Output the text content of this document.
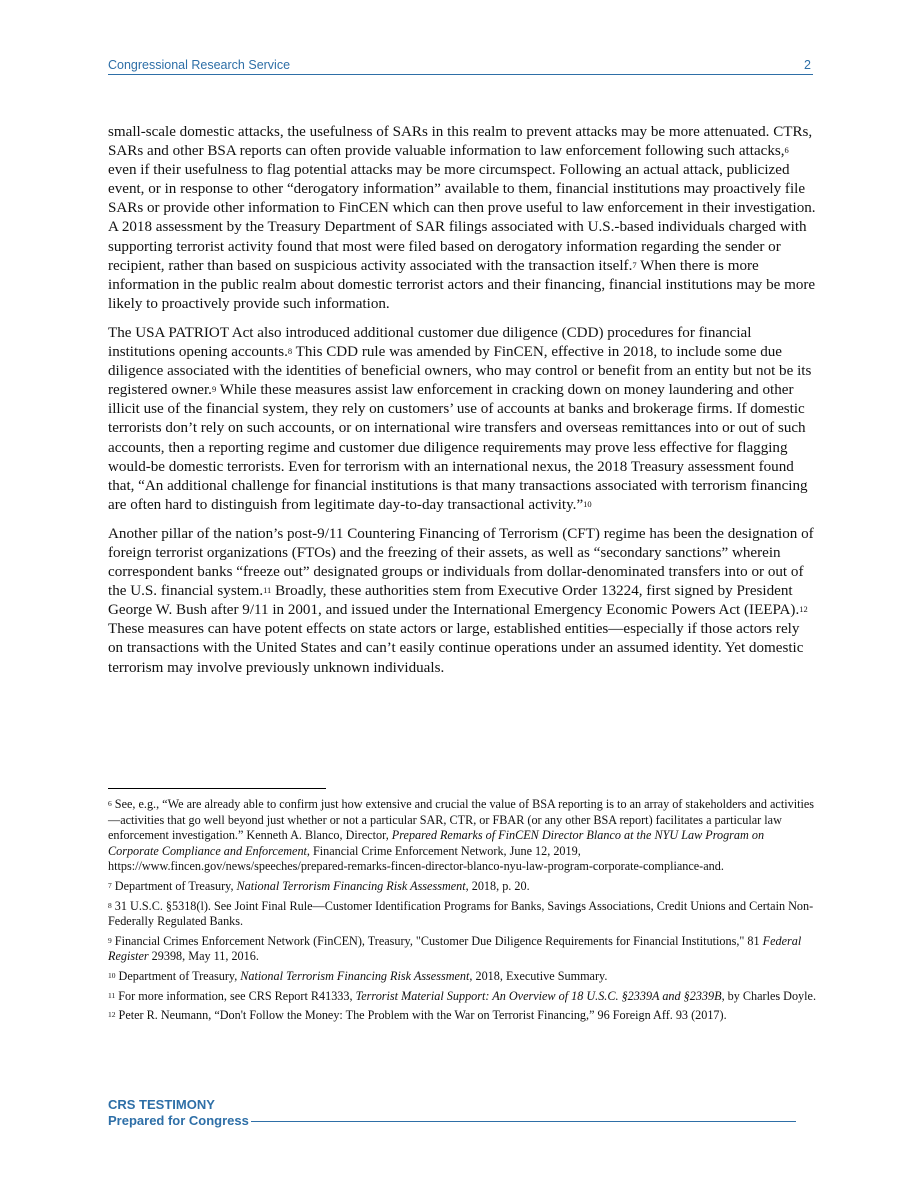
Congressional Research Service	2

small-scale domestic attacks, the usefulness of SARs in this realm to prevent attacks may be more attenuated. CTRs, SARs and other BSA reports can often provide valuable information to law enforcement following such attacks,$^6$ even if their usefulness to flag potential attacks may be more circumspect. Following an actual attack, publicized event, or in response to other “derogatory information” available to them, financial institutions may proactively file SARs or provide other information to FinCEN which can then prove useful to law enforcement in their investigation. A 2018 assessment by the Treasury Department of SAR filings associated with U.S.-based individuals charged with supporting terrorist activity found that most were filed based on derogatory information regarding the sender or recipient, rather than based on suspicious activity associated with the transaction itself.$^7$ When there is more information in the public realm about domestic terrorist actors and their financing, financial institutions may be more likely to proactively provide such information.

The USA PATRIOT Act also introduced additional customer due diligence (CDD) procedures for financial institutions opening accounts.$^8$ This CDD rule was amended by FinCEN, effective in 2018, to include some due diligence associated with the identities of beneficial owners, who may control or benefit from an entity but not be its registered owner.$^9$ While these measures assist law enforcement in cracking down on money laundering and other illicit use of the financial system, they rely on customers’ use of accounts at banks and brokerage firms. If domestic terrorists don’t rely on such accounts, or on international wire transfers and overseas remittances into or out of such accounts, then a reporting regime and customer due diligence requirements may prove less effective for flagging would-be domestic terrorists. Even for terrorism with an international nexus, the 2018 Treasury assessment found that, “An additional challenge for financial institutions is that many transactions associated with terrorism financing are often hard to distinguish from legitimate day-to-day transactional activity.”$^{10}$

Another pillar of the nation’s post-9/11 Countering Financing of Terrorism (CFT) regime has been the designation of foreign terrorist organizations (FTOs) and the freezing of their assets, as well as “secondary sanctions” wherein correspondent banks “freeze out” designated groups or individuals from dollar-denominated transfers into or out of the U.S. financial system.$^{11}$ Broadly, these authorities stem from Executive Order 13224, first signed by President George W. Bush after 9/11 in 2001, and issued under the International Emergency Economic Powers Act (IEEPA).$^{12}$ These measures can have potent effects on state actors or large, established entities—especially if those actors rely on transactions with the United States and can’t easily continue operations under an assumed identity. Yet domestic terrorism may involve previously unknown individuals.

$^6$ See, e.g., “We are already able to confirm just how extensive and crucial the value of BSA reporting is to an array of stakeholders and activities—activities that go well beyond just whether or not a particular SAR, CTR, or FBAR (or any other BSA report) facilitates a particular law enforcement investigation.” Kenneth A. Blanco, Director, Prepared Remarks of FinCEN Director Blanco at the NYU Law Program on Corporate Compliance and Enforcement, Financial Crime Enforcement Network, June 12, 2019, https://www.fincen.gov/news/speeches/prepared-remarks-fincen-director-blanco-nyu-law-program-corporate-compliance-and.
$^7$ Department of Treasury, National Terrorism Financing Risk Assessment, 2018, p. 20.
$^8$ 31 U.S.C. §5318(l). See Joint Final Rule—Customer Identification Programs for Banks, Savings Associations, Credit Unions and Certain Non-Federally Regulated Banks.
$^9$ Financial Crimes Enforcement Network (FinCEN), Treasury, "Customer Due Diligence Requirements for Financial Institutions," 81 Federal Register 29398, May 11, 2016.
$^{10}$ Department of Treasury, National Terrorism Financing Risk Assessment, 2018, Executive Summary.
$^{11}$ For more information, see CRS Report R41333, Terrorist Material Support: An Overview of 18 U.S.C. §2339A and §2339B, by Charles Doyle.
$^{12}$ Peter R. Neumann, “Don't Follow the Money: The Problem with the War on Terrorist Financing,” 96 Foreign Aff. 93 (2017).
CRS TESTIMONY
Prepared for Congress
